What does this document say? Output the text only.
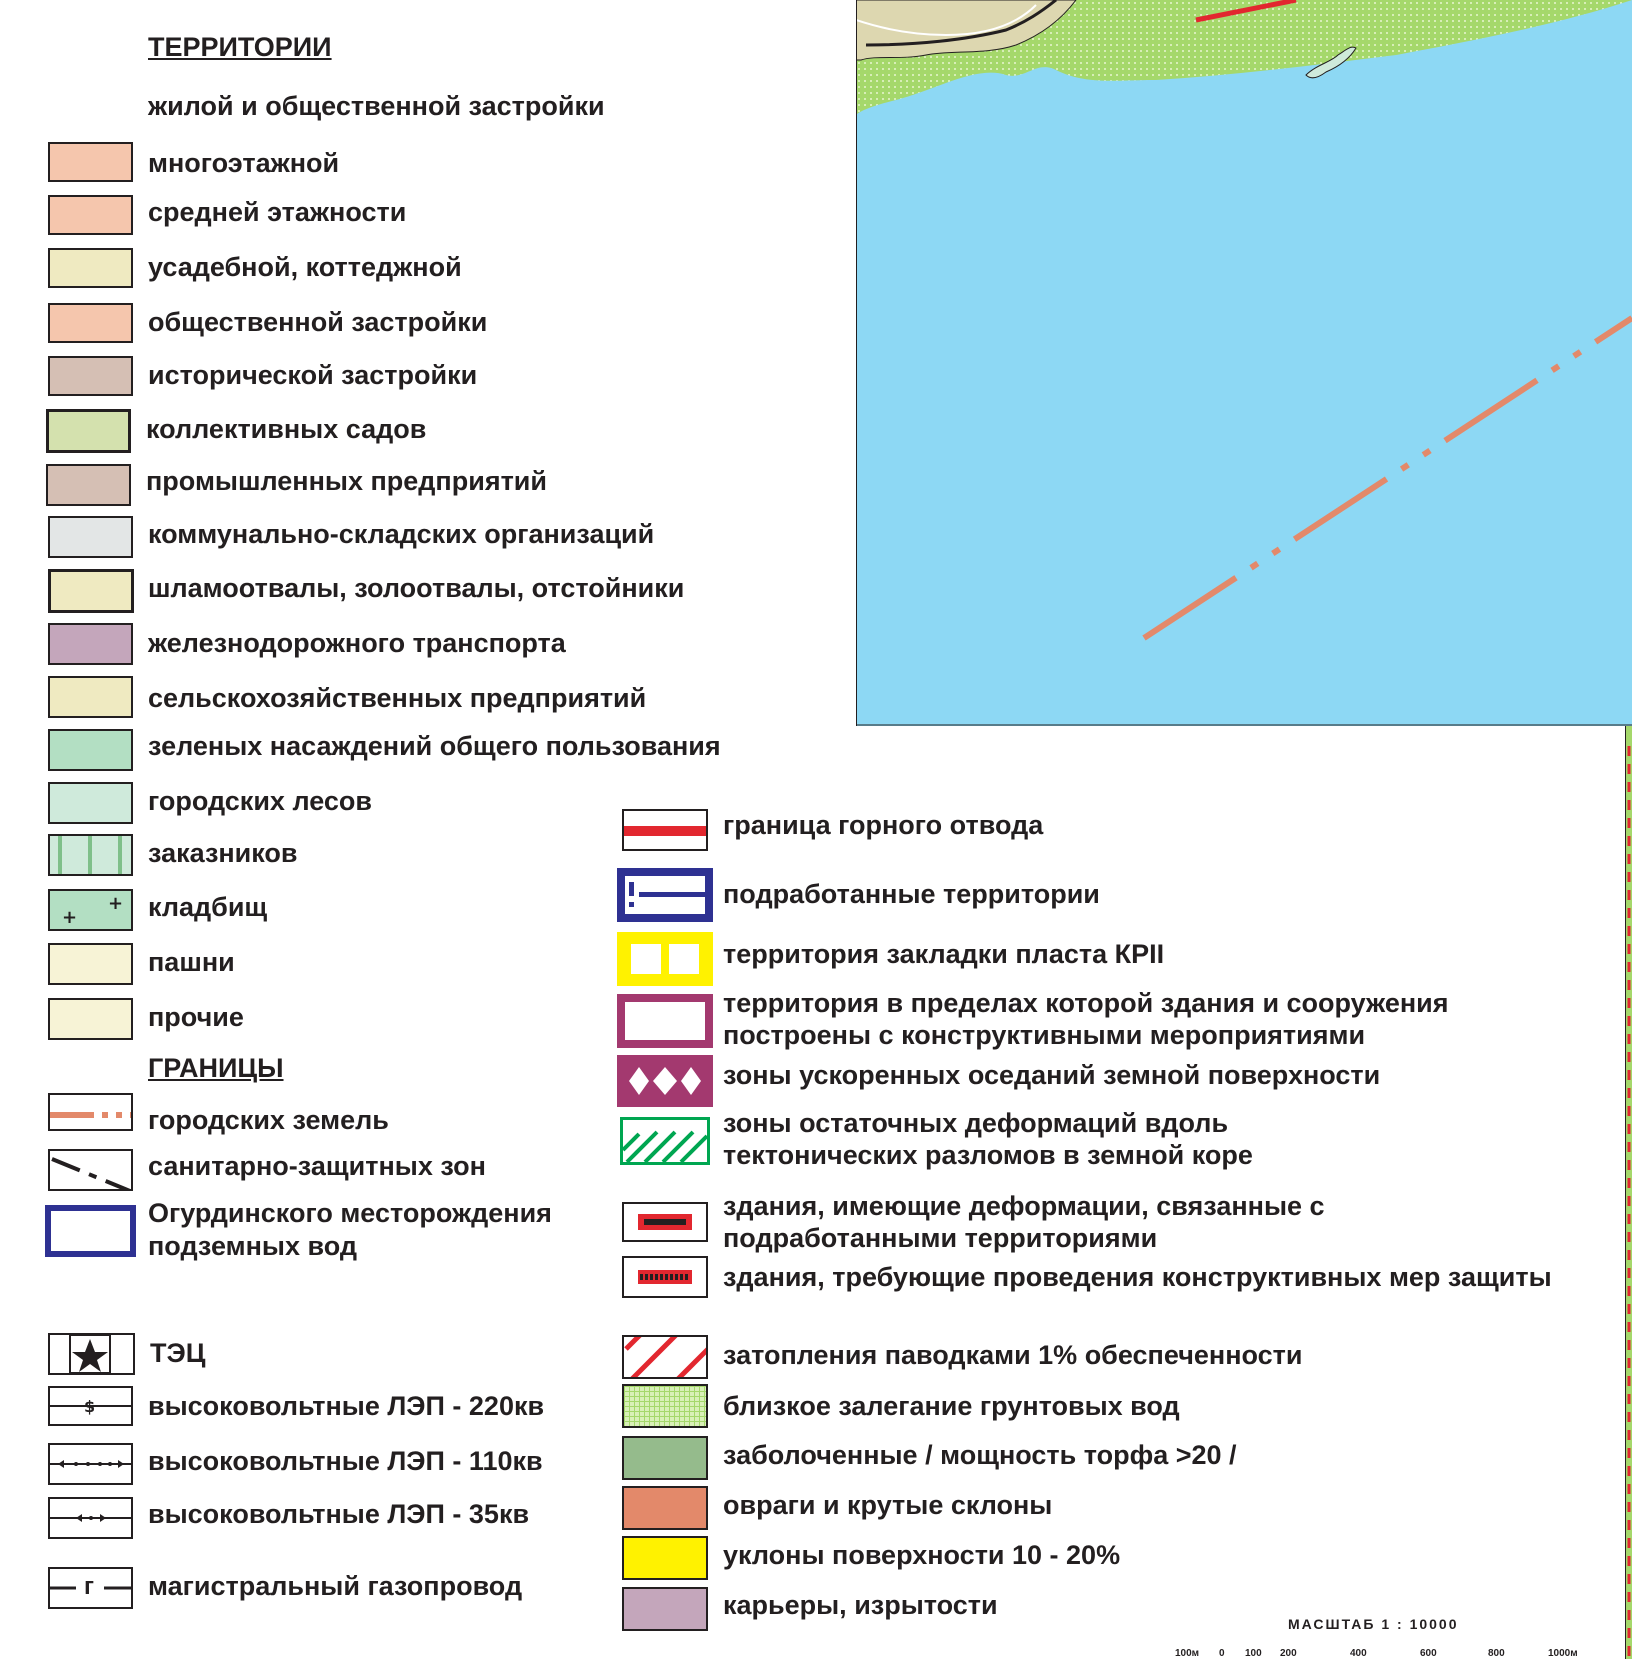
ТЕРРИТОРИИ
жилой и общественной застройки
многоэтажной
средней этажности
усадебной, коттеджной
общественной застройки
исторической застройки
коллективных садов
промышленных предприятий
коммунально-складских организаций
шламоотвалы, золоотвалы, отстойники
железнодорожного транспорта
сельскохозяйственных предприятий
зеленых насаждений общего пользования
городских лесов
заказников
+
+ кладбищ
пашни
прочие
ГРАНИЦЫ
городских земель
санитарно-защитных зон
Огурдинского месторождения
подземных вод
ТЭЦ
$ высоковольтные ЛЭП - 220кв
высоковольтные ЛЭП - 110кв
высоковольтные ЛЭП - 35кв
г магистральный газопровод
граница горного отвода
подработанные территории
территория закладки пласта КРII
территория в пределах которой здания и сооружения
построены с конструктивными мероприятиями
зоны ускоренных оседаний земной поверхности
зоны остаточных деформаций вдоль
тектонических разломов в земной коре
здания, имеющие деформации, связанные с
подработанными территориями
здания, требующие проведения конструктивных мер защиты
затопления паводками 1% обеспеченности
близкое залегание грунтовых вод
заболоченные / мощность торфа >20 /
овраги и крутые склоны
уклоны поверхности 10 - 20%
карьеры, изрытости
МАСШТАБ 1 : 10000
100м 0 100 200	400	600	800	1000м
